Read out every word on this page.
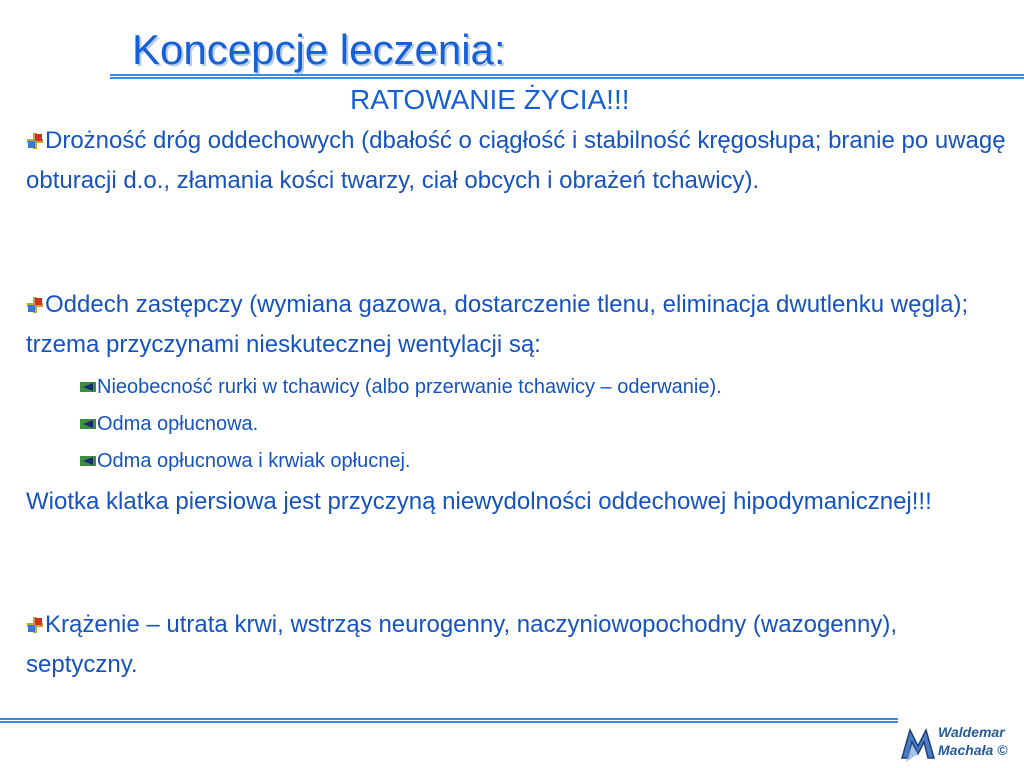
Koncepcje leczenia:
RATOWANIE ŻYCIA!!!
Drożność dróg oddechowych (dbałość o ciągłość i stabilność kręgosłupa; branie po uwagę obturacji d.o., złamania kości twarzy, ciał obcych i obrażeń tchawicy).
Oddech zastępczy (wymiana gazowa, dostarczenie tlenu, eliminacja dwutlenku węgla); trzema przyczynami nieskutecznej wentylacji są:
Nieobecność rurki w tchawicy (albo przerwanie tchawicy – oderwanie).
Odma opłucnowa.
Odma opłucnowa i krwiak opłucnej.
Wiotka klatka piersiowa jest przyczyną niewydolności oddechowej hipodymanicznej!!!
Krążenie – utrata krwi, wstrząs neurogenny, naczyniowopochodny (wazogenny), septyczny.
Waldemar
Machała ©
